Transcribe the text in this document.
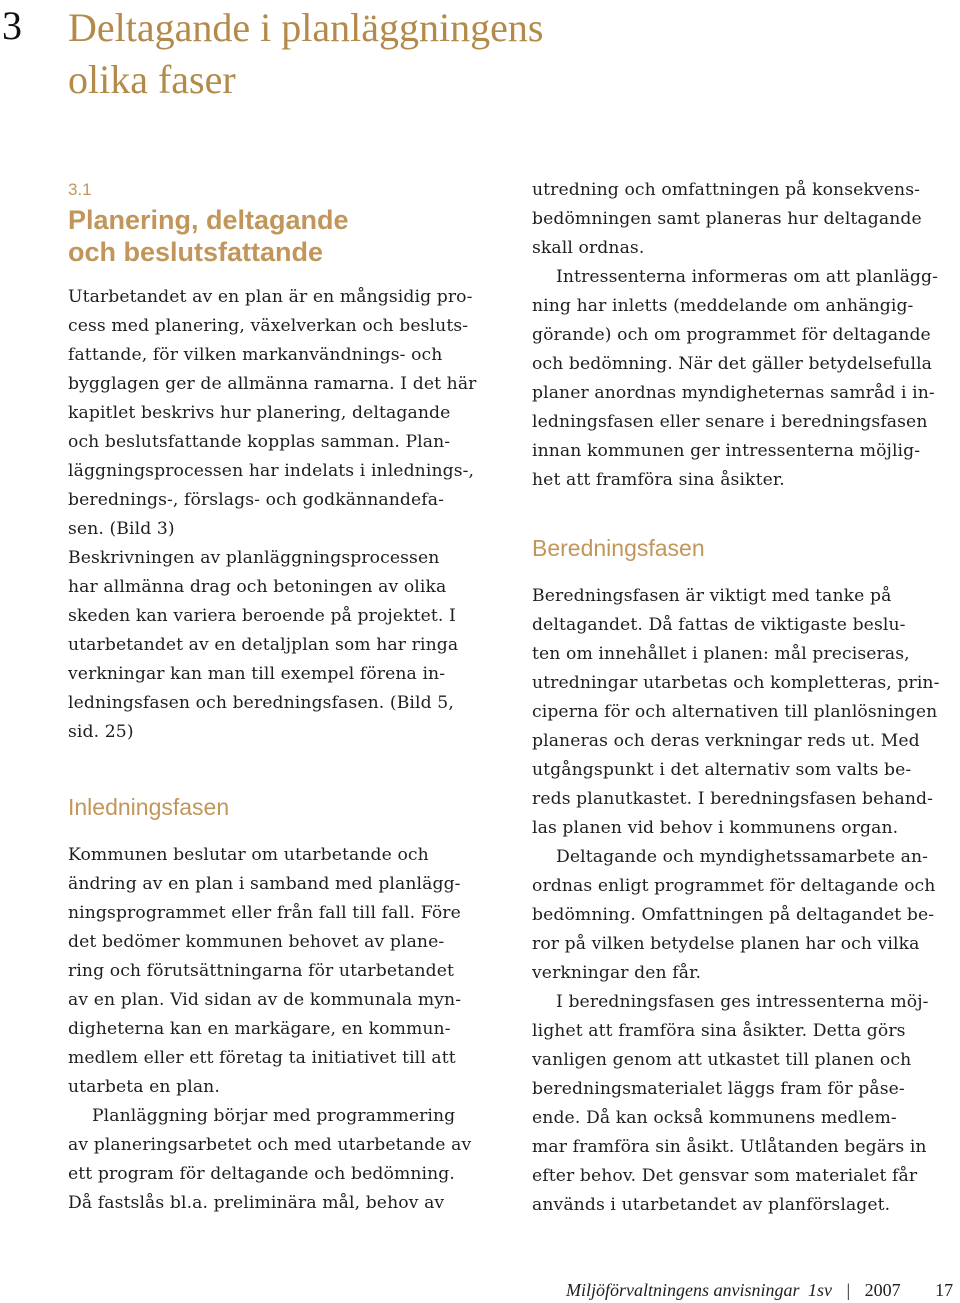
3 Deltagande i planläggningens
olika faser
3.1
Planering, deltagande
och beslutsfattande
Utarbetandet av en plan är en mångsidig pro-
cess med planering, växelverkan och besluts-
fattande, för vilken markanvändnings- och
bygglagen ger de allmänna ramarna. I det här
kapitlet beskrivs hur planering, deltagande
och beslutsfattande kopplas samman. Plan-
läggningsprocessen har indelats i inlednings-,
berednings-, förslags- och godkännandefa-
sen. (Bild 3)
Beskrivningen av planläggningsprocessen
har allmänna drag och betoningen av olika
skeden kan variera beroende på projektet. I
utarbetandet av en detaljplan som har ringa
verkningar kan man till exempel förena in-
ledningsfasen och beredningsfasen. (Bild 5,
sid. 25)
Inledningsfasen
Kommunen beslutar om utarbetande och
ändring av en plan i samband med planlägg-
ningsprogrammet eller från fall till fall. Före
det bedömer kommunen behovet av plane-
ring och förutsättningarna för utarbetandet
av en plan. Vid sidan av de kommunala myn-
digheterna kan en markägare, en kommun-
medlem eller ett företag ta initiativet till att
utarbeta en plan.
Planläggning börjar med programmering
av planeringsarbetet och med utarbetande av
ett program för deltagande och bedömning.
Då fastslås bl.a. preliminära mål, behov av
utredning och omfattningen på konsekvens-
bedömningen samt planeras hur deltagande
skall ordnas.
Intressenterna informeras om att planlägg-
ning har inletts (meddelande om anhängig-
görande) och om programmet för deltagande
och bedömning. När det gäller betydelsefulla
planer anordnas myndigheternas samråd i in-
ledningsfasen eller senare i beredningsfasen
innan kommunen ger intressenterna möjlig-
het att framföra sina åsikter.
Beredningsfasen
Beredningsfasen är viktigt med tanke på
deltagandet. Då fattas de viktigaste beslu-
ten om innehållet i planen: mål preciseras,
utredningar utarbetas och kompletteras, prin-
ciperna för och alternativen till planlösningen
planeras och deras verkningar reds ut. Med
utgångspunkt i det alternativ som valts be-
reds planutkastet. I beredningsfasen behand-
las planen vid behov i kommunens organ.
Deltagande och myndighetssamarbete an-
ordnas enligt programmet för deltagande och
bedömning. Omfattningen på deltagandet be-
ror på vilken betydelse planen har och vilka
verkningar den får.
I beredningsfasen ges intressenterna möj-
lighet att framföra sina åsikter. Detta görs
vanligen genom att utkastet till planen och
beredningsmaterialet läggs fram för påse-
ende. Då kan också kommunens medlem-
mar framföra sin åsikt. Utlåtanden begärs in
efter behov. Det gensvar som materialet får
används i utarbetandet av planförslaget.
Miljöförvaltningens anvisningar 1sv | 2007 17
